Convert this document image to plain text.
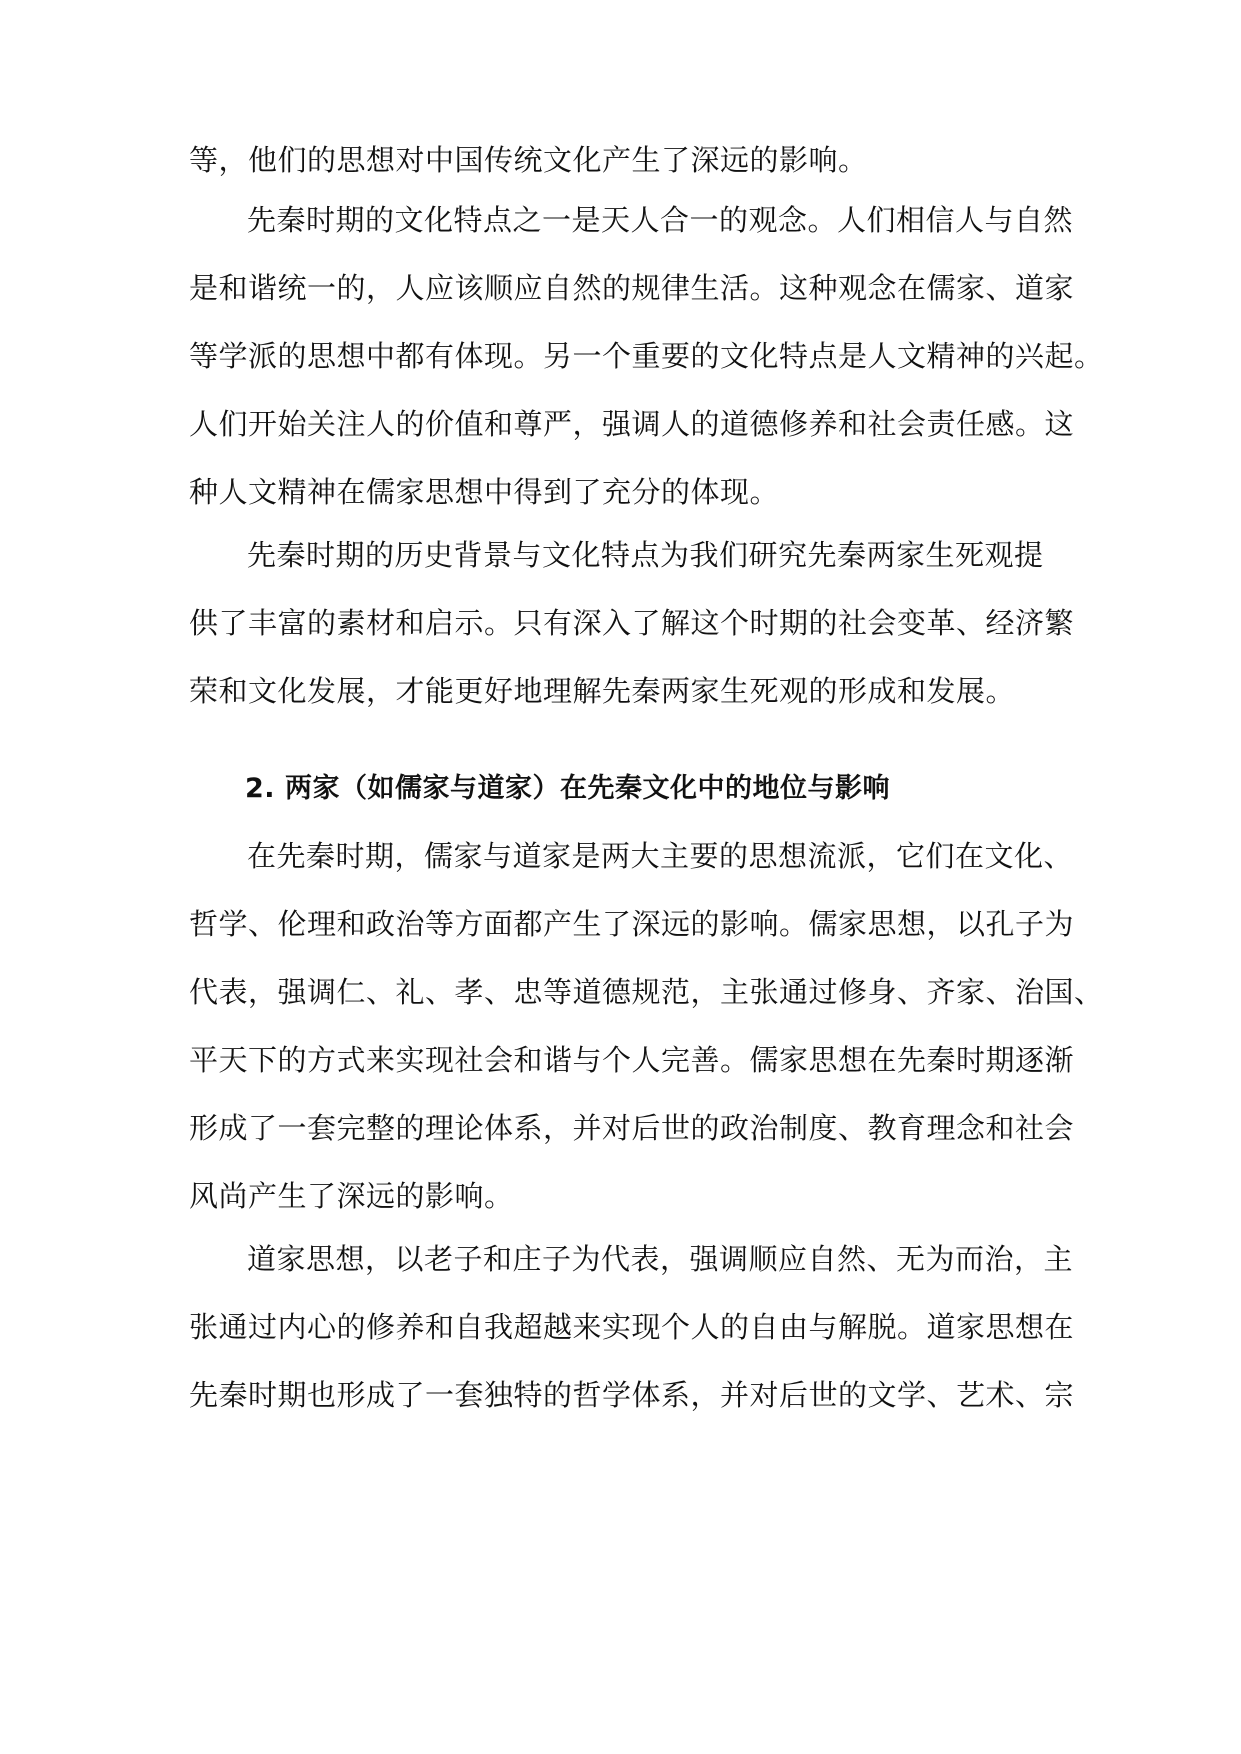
等，他们的思想对中国传统文化产生了深远的影响。
先秦时期的文化特点之一是天人合一的观念。人们相信人与自然
是和谐统一的，人应该顺应自然的规律生活。这种观念在儒家、道家
等学派的思想中都有体现。另一个重要的文化特点是人文精神的兴起。
人们开始关注人的价值和尊严，强调人的道德修养和社会责任感。这
种人文精神在儒家思想中得到了充分的体现。
先秦时期的历史背景与文化特点为我们研究先秦两家生死观提
供了丰富的素材和启示。只有深入了解这个时期的社会变革、经济繁
荣和文化发展，才能更好地理解先秦两家生死观的形成和发展。
2. 两家（如儒家与道家）在先秦文化中的地位与影响
在先秦时期，儒家与道家是两大主要的思想流派，它们在文化、
哲学、伦理和政治等方面都产生了深远的影响。儒家思想，以孔子为
代表，强调仁、礼、孝、忠等道德规范，主张通过修身、齐家、治国、
平天下的方式来实现社会和谐与个人完善。儒家思想在先秦时期逐渐
形成了一套完整的理论体系，并对后世的政治制度、教育理念和社会
风尚产生了深远的影响。
道家思想，以老子和庄子为代表，强调顺应自然、无为而治，主
张通过内心的修养和自我超越来实现个人的自由与解脱。道家思想在
先秦时期也形成了一套独特的哲学体系，并对后世的文学、艺术、宗
